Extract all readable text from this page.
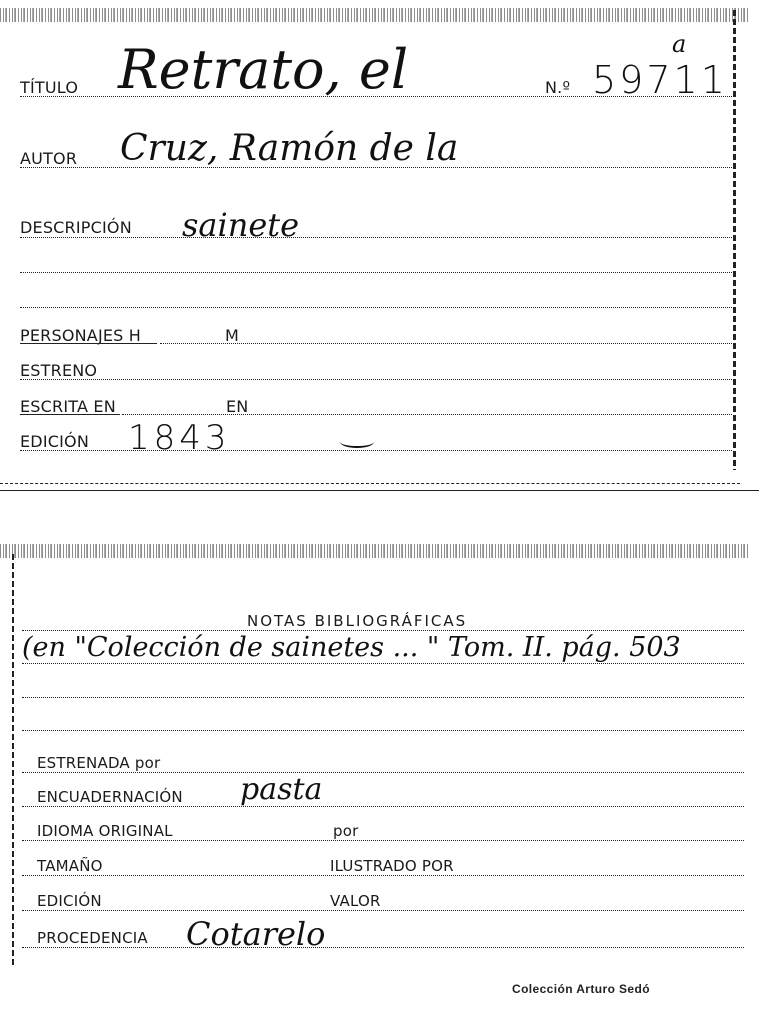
TÍTULO Retrato, el	N.º 59711
a
AUTOR Cruz, Ramón de la
DESCRIPCIÓN sainete
PERSONAJES H	M
ESTRENO
ESCRITA EN	EN
EDICIÓN 1843
NOTAS BIBLIOGRÁFICAS
(en "Colección de sainetes ... " Tom. II. pág. 503
ESTRENADA por
ENCUADERNACIÓN pasta
IDIOMA ORIGINAL	por
TAMAÑO	ILUSTRADO POR
EDICIÓN	VALOR
PROCEDENCIA Cotarelo
Colección Arturo Sedó
